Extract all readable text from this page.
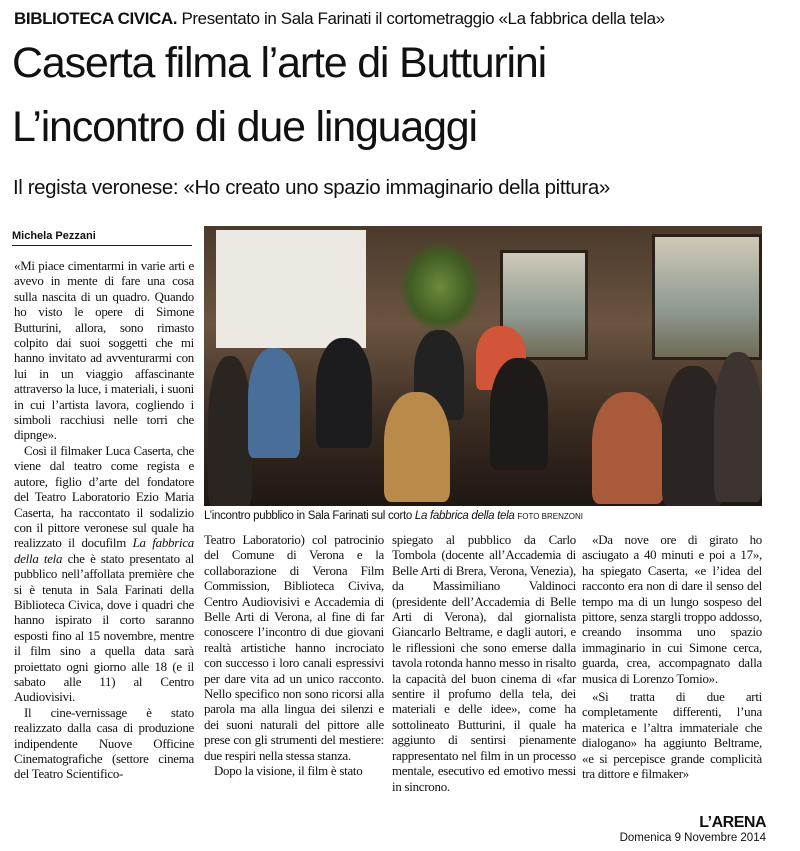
BIBLIOTECA CIVICA. Presentato in Sala Farinati il cortometraggio «La fabbrica della tela»
Caserta filma l’arte di Butturini
L’incontro di due linguaggi
Il regista veronese: «Ho creato uno spazio immaginario della pittura»
Michela Pezzani
L’incontro pubblico in Sala Farinati sul corto La fabbrica della tela FOTO BRENZONI

«Mi piace cimentarmi in varie arti e avevo in mente di fare una cosa sulla nascita di un quadro. Quando ho visto le opere di Simone Butturini, allora, sono rimasto colpito dai suoi soggetti che mi hanno invitato ad avventurarmi con lui in un viaggio affascinante attraverso la luce, i materiali, i suoni in cui l’artista lavora, cogliendo i simboli racchiusi nelle torri che dipnge».

Così il filmaker Luca Caserta, che viene dal teatro come regista e autore, figlio d’arte del fondatore del Teatro Laboratorio Ezio Maria Caserta, ha raccontato il sodalizio con il pittore veronese sul quale ha realizzato il docufilm La fabbrica della tela che è stato presentato al pubblico nell’affollata première che si è tenuta in Sala Farinati della Biblioteca Civica, dove i quadri che hanno ispirato il corto saranno esposti fino al 15 novembre, mentre il film sino a quella data sarà proiettato ogni giorno alle 18 (e il sabato alle 11) al Centro Audiovisivi.

Il cine-vernissage è stato realizzato dalla casa di produzione indipendente Nuove Officine Cinematografiche (settore cinema del Teatro Scientifico-

Teatro Laboratorio) col patrocinio del Comune di Verona e la collaborazione di Verona Film Commission, Biblioteca Civiva, Centro Audiovisivi e Accademia di Belle Arti di Verona, al fine di far conoscere l’incontro di due giovani realtà artistiche hanno incrociato con successo i loro canali espressivi per dare vita ad un unico racconto. Nello specifico non sono ricorsi alla parola ma alla lingua dei silenzi e dei suoni naturali del pittore alle prese con gli strumenti del mestiere: due respiri nella stessa stanza.

Dopo la visione, il film è stato

spiegato al pubblico da Carlo Tombola (docente all’Accademia di Belle Arti di Brera, Verona, Venezia), da Massimiliano Valdinoci (presidente dell’Accademia di Belle Arti di Verona), dal giornalista Giancarlo Beltrame, e dagli autori, e le riflessioni che sono emerse dalla tavola rotonda hanno messo in risalto la capacità del buon cinema di «far sentire il profumo della tela, dei materiali e delle idee», come ha sottolineato Butturini, il quale ha aggiunto di sentirsi pienamente rappresentato nel film in un processo mentale, esecutivo ed emotivo messi in sincrono.

«Da nove ore di girato ho asciugato a 40 minuti e poi a 17», ha spiegato Caserta, «e l’idea del racconto era non di dare il senso del tempo ma di un lungo sospeso del pittore, senza stargli troppo addosso, creando insomma uno spazio immaginario in cui Simone cerca, guarda, crea, accompagnato dalla musica di Lorenzo Tomio».

«Si tratta di due arti completamente differenti, l’una materica e l’altra immateriale che dialogano» ha aggiunto Beltrame, «e si percepisce grande complicità tra dittore e filmaker»

L’ARENA
Domenica 9 Novembre 2014
